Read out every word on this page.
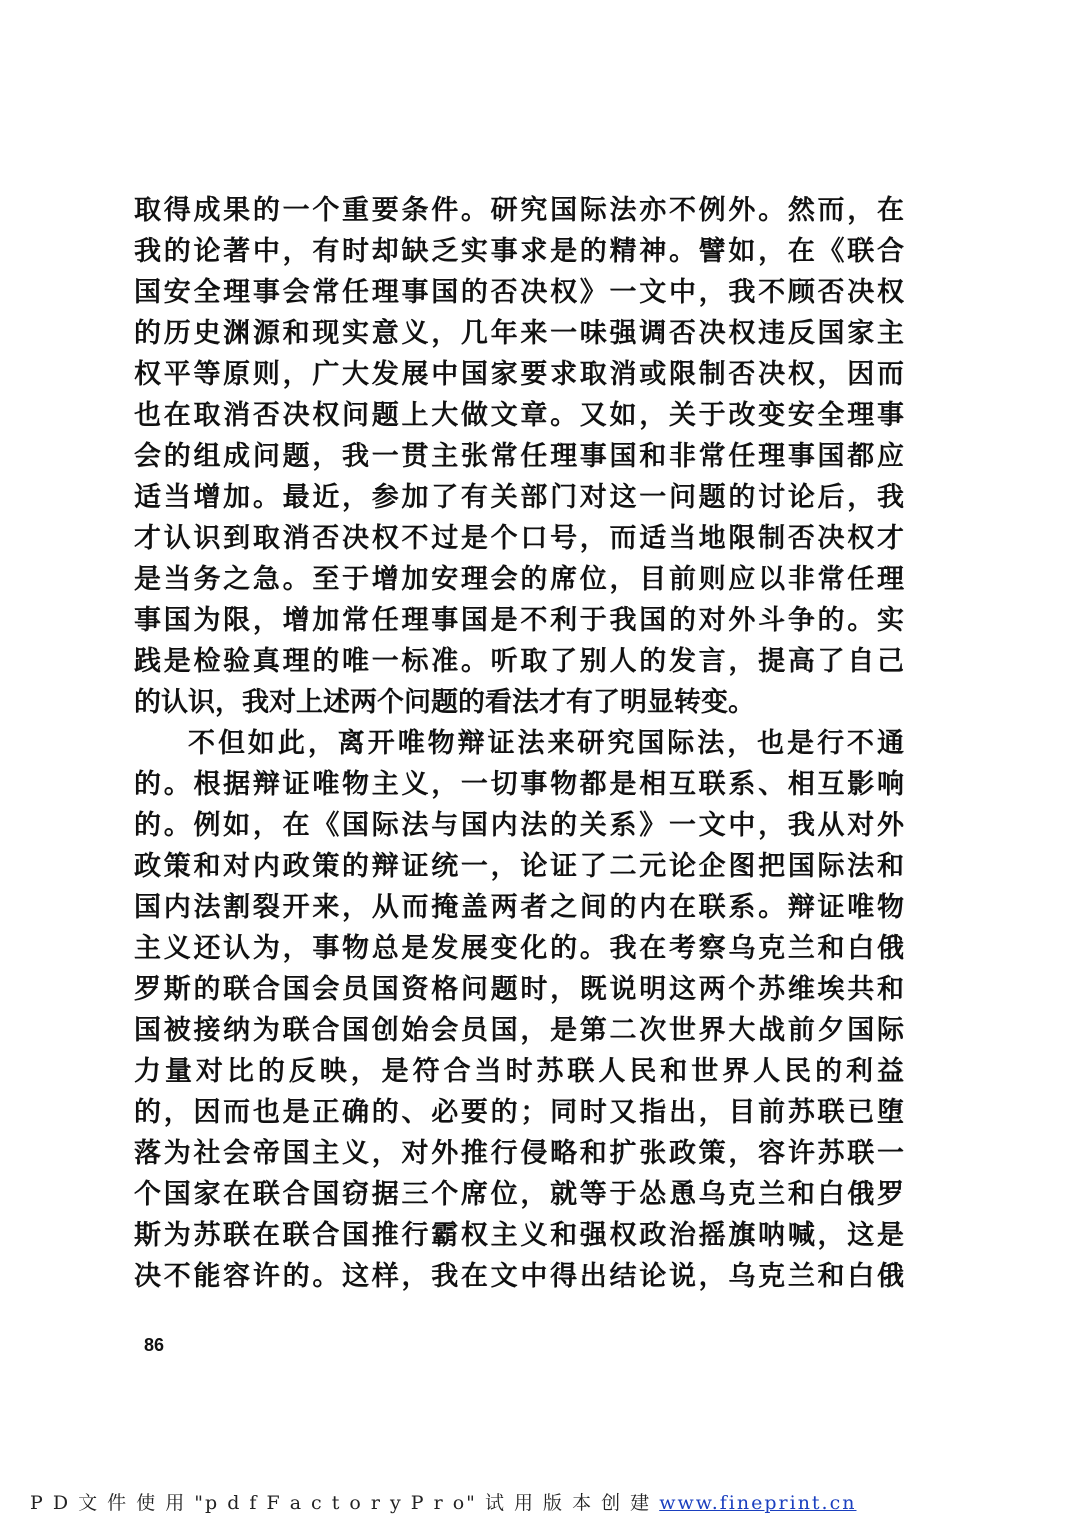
取得成果的一个重要条件。研究国际法亦不例外。然而，在
我的论著中，有时却缺乏实事求是的精神。譬如，在《联合
国安全理事会常任理事国的否决权》一文中，我不顾否决权
的历史渊源和现实意义，几年来一味强调否决权违反国家主
权平等原则，广大发展中国家要求取消或限制否决权，因而
也在取消否决权问题上大做文章。又如，关于改变安全理事
会的组成问题，我一贯主张常任理事国和非常任理事国都应
适当增加。最近，参加了有关部门对这一问题的讨论后，我
才认识到取消否决权不过是个口号，而适当地限制否决权才
是当务之急。至于增加安理会的席位，目前则应以非常任理
事国为限，增加常任理事国是不利于我国的对外斗争的。实
践是检验真理的唯一标准。听取了别人的发言，提高了自己
的认识，我对上述两个问题的看法才有了明显转变。
不但如此，离开唯物辩证法来研究国际法，也是行不通
的。根据辩证唯物主义，一切事物都是相互联系、相互影响
的。例如，在《国际法与国内法的关系》一文中，我从对外
政策和对内政策的辩证统一，论证了二元论企图把国际法和
国内法割裂开来，从而掩盖两者之间的内在联系。辩证唯物
主义还认为，事物总是发展变化的。我在考察乌克兰和白俄
罗斯的联合国会员国资格问题时，既说明这两个苏维埃共和
国被接纳为联合国创始会员国，是第二次世界大战前夕国际
力量对比的反映，是符合当时苏联人民和世界人民的利益
的，因而也是正确的、必要的；同时又指出，目前苏联已堕
落为社会帝国主义，对外推行侵略和扩张政策，容许苏联一
个国家在联合国窃据三个席位，就等于怂恿乌克兰和白俄罗
斯为苏联在联合国推行霸权主义和强权政治摇旗呐喊，这是
决不能容许的。这样，我在文中得出结论说，乌克兰和白俄
86
P D 文 件 使 用 "p d f F a c t o r y P r o" 试 用 版 本 创 建 www.fineprint.cn
